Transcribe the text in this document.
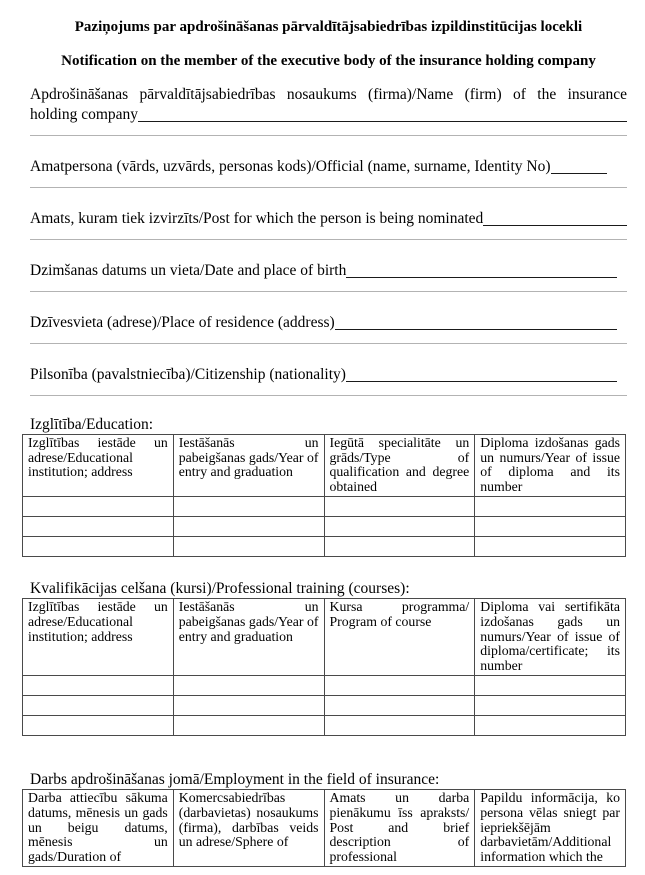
Paziņojums par apdrošināšanas pārvaldītājsabiedrības izpildinstitūcijas locekli
Notification on the member of the executive body of the insurance holding company
Apdrošināšanas pārvaldītājsabiedrības nosaukums (firma)/Name (firm) of the insurance
holding company
Amatpersona (vārds, uzvārds, personas kods)/Official (name, surname, Identity No)
Amats, kuram tiek izvirzīts/Post for which the person is being nominated
Dzimšanas datums un vieta/Date and place of birth
Dzīvesvieta (adrese)/Place of residence (address)
Pilsonība (pavalstniecība)/Citizenship (nationality)
Izglītība/Education:
Izglītības iestāde un adrese/Educational institution; address	Iestāšanās un pabeigšanas gads/Year of entry and graduation	Iegūtā specialitāte un grāds/Type of qualification and degree obtained	Diploma izdošanas gads un numurs/Year of issue of diploma and its number

Kvalifikācijas celšana (kursi)/Professional training (courses):
Izglītības iestāde un adrese/Educational institution; address	Iestāšanās un pabeigšanas gads/Year of entry and graduation	Kursa programma/ Program of course	Diploma vai sertifikāta izdošanas gads un numurs/Year of issue of diploma/certificate; its number

Darbs apdrošināšanas jomā/Employment in the field of insurance:
Darba attiecību sākuma datums, mēnesis un gads un beigu datums, mēnesis un gads/Duration of	Komercsabiedrības (darbavietas) nosaukums (firma), darbības veids un adrese/Sphere of	Amats un darba pienākumu īss apraksts/ Post and brief description of professional	Papildu informācija, ko persona vēlas sniegt par iepriekšējām darbavietām/Additional information which the
